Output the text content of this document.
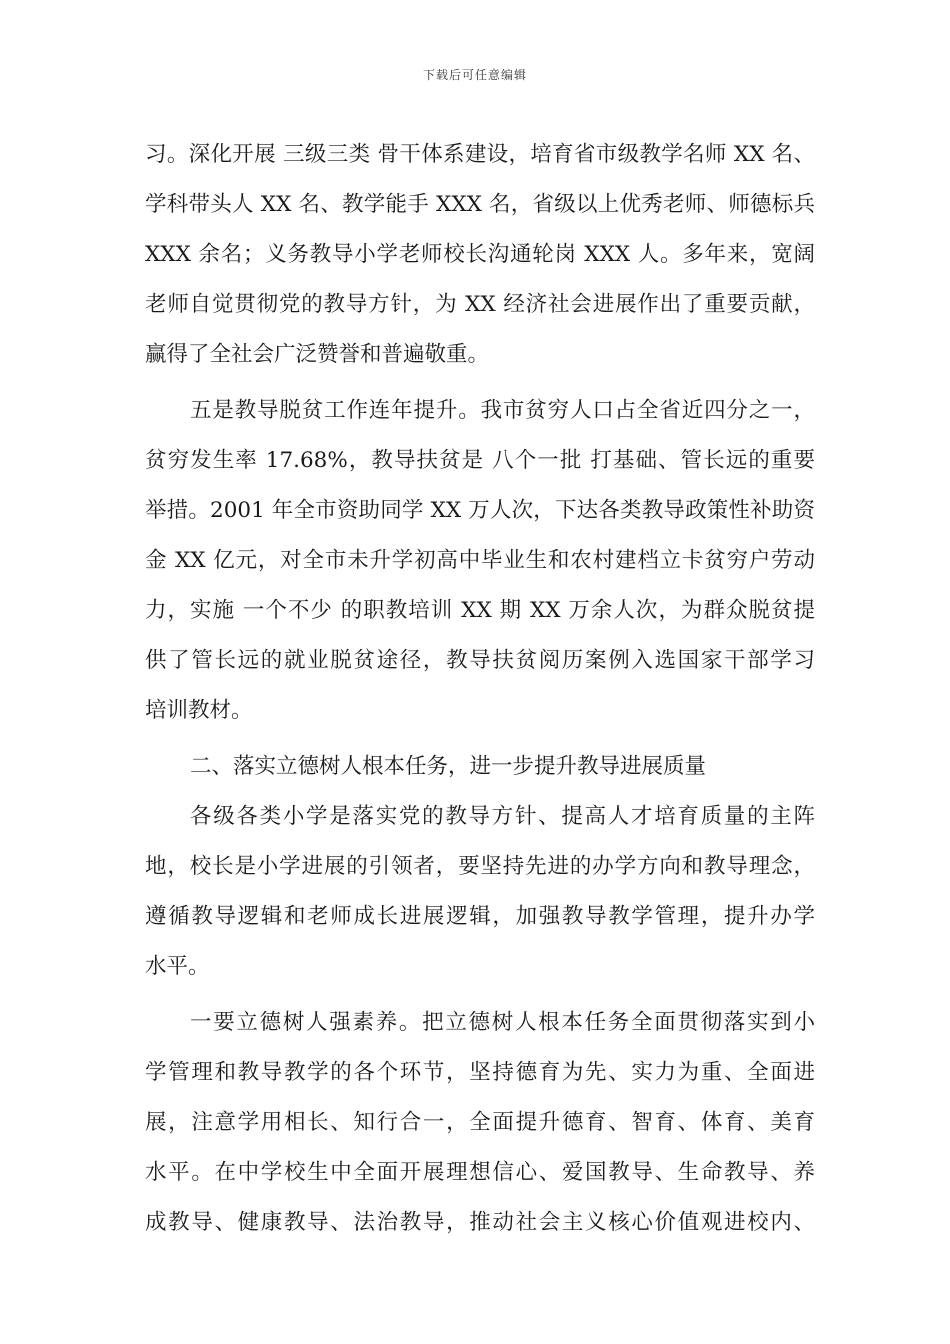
下载后可任意编辑
习。深化开展 三级三类 骨干体系建设，培育省市级教学名师 XX 名、
学科带头人 XX 名、教学能手 XXX 名，省级以上优秀老师、师德标兵
XXX 余名；义务教导小学老师校长沟通轮岗 XXX 人。多年来，宽阔
老师自觉贯彻党的教导方针，为 XX 经济社会进展作出了重要贡献，
赢得了全社会广泛赞誉和普遍敬重。
五是教导脱贫工作连年提升。我市贫穷人口占全省近四分之一，
贫穷发生率 17.68%，教导扶贫是 八个一批 打基础、管长远的重要
举措。2001 年全市资助同学 XX 万人次，下达各类教导政策性补助资
金 XX 亿元，对全市未升学初高中毕业生和农村建档立卡贫穷户劳动
力，实施 一个不少 的职教培训 XX 期 XX 万余人次，为群众脱贫提
供了管长远的就业脱贫途径，教导扶贫阅历案例入选国家干部学习
培训教材。
二、落实立德树人根本任务，进一步提升教导进展质量
各级各类小学是落实党的教导方针、提高人才培育质量的主阵
地，校长是小学进展的引领者，要坚持先进的办学方向和教导理念，
遵循教导逻辑和老师成长进展逻辑，加强教导教学管理，提升办学
水平。
一要立德树人强素养。把立德树人根本任务全面贯彻落实到小
学管理和教导教学的各个环节，坚持德育为先、实力为重、全面进
展，注意学用相长、知行合一，全面提升德育、智育、体育、美育
水平。在中学校生中全面开展理想信心、爱国教导、生命教导、养
成教导、健康教导、法治教导，推动社会主义核心价值观进校内、
